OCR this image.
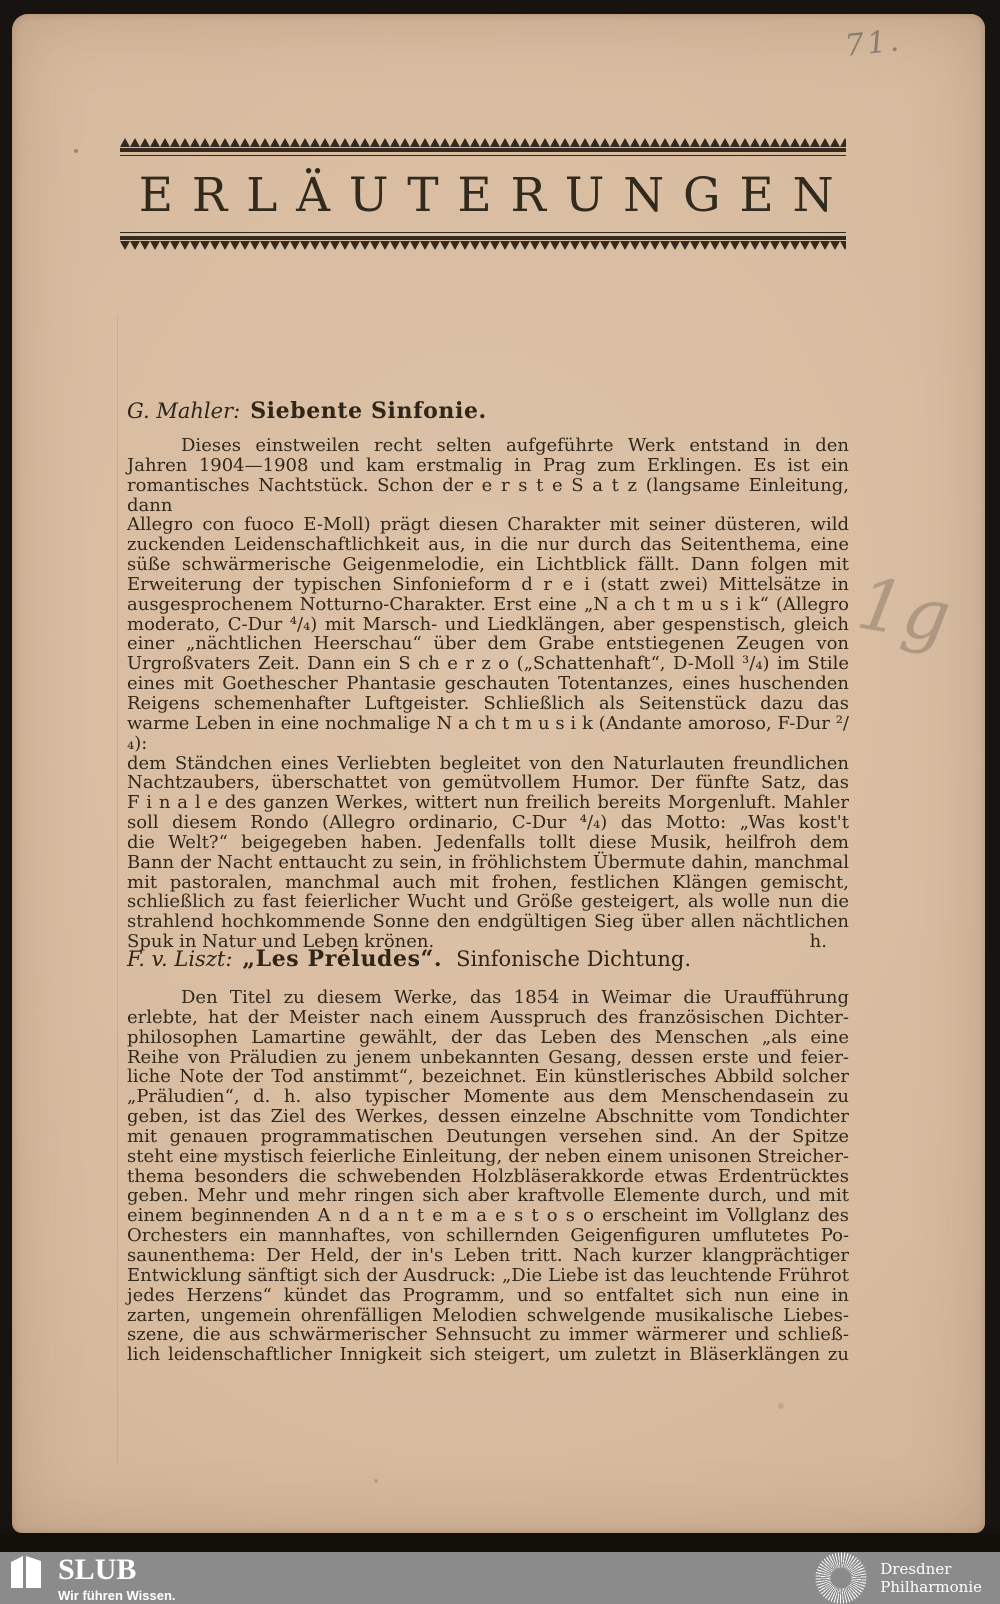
71.
1g
ERLÄUTERUNGEN
G. Mahler: Siebente Sinfonie.
Dieses einstweilen recht selten aufgeführte Werk entstand in den
Jahren 1904—1908 und kam erstmalig in Prag zum Erklingen. Es ist ein
romantisches Nachtstück. Schon der e r s t e S a t z (langsame Einleitung, dann
Allegro con fuoco E-Moll) prägt diesen Charakter mit seiner düsteren, wild
zuckenden Leidenschaftlichkeit aus, in die nur durch das Seitenthema, eine
süße schwärmerische Geigenmelodie, ein Lichtblick fällt. Dann folgen mit
Erweiterung der typischen Sinfonieform d r e i (statt zwei) Mittelsätze in
ausgesprochenem Notturno-Charakter. Erst eine „N a ch t m u s i k“ (Allegro
moderato, C-Dur ⁴/₄) mit Marsch- und Liedklängen, aber gespenstisch, gleich
einer „nächtlichen Heerschau“ über dem Grabe entstiegenen Zeugen von
Urgroßvaters Zeit. Dann ein S ch e r z o („Schattenhaft“, D-Moll ³/₄) im Stile
eines mit Goethescher Phantasie geschauten Totentanzes, eines huschenden
Reigens schemenhafter Luftgeister. Schließlich als Seitenstück dazu das
warme Leben in eine nochmalige N a ch t m u s i k (Andante amoroso, F-Dur ²/₄):
dem Ständchen eines Verliebten begleitet von den Naturlauten freundlichen
Nachtzaubers, überschattet von gemütvollem Humor. Der fünfte Satz, das
F i n a l e des ganzen Werkes, wittert nun freilich bereits Morgenluft. Mahler
soll diesem Rondo (Allegro ordinario, C-Dur ⁴/₄) das Motto: „Was kost't
die Welt?“ beigegeben haben. Jedenfalls tollt diese Musik, heilfroh dem
Bann der Nacht enttaucht zu sein, in fröhlichstem Übermute dahin, manchmal
mit pastoralen, manchmal auch mit frohen, festlichen Klängen gemischt,
schließlich zu fast feierlicher Wucht und Größe gesteigert, als wolle nun die
strahlend hochkommende Sonne den endgültigen Sieg über allen nächtlichen
Spuk in Natur und Leben krönen.	h.
F. v. Liszt: „Les Préludes“. Sinfonische Dichtung.
Den Titel zu diesem Werke, das 1854 in Weimar die Uraufführung
erlebte, hat der Meister nach einem Ausspruch des französischen Dichter-
philosophen Lamartine gewählt, der das Leben des Menschen „als eine
Reihe von Präludien zu jenem unbekannten Gesang, dessen erste und feier-
liche Note der Tod anstimmt“, bezeichnet. Ein künstlerisches Abbild solcher
„Präludien“, d. h. also typischer Momente aus dem Menschendasein zu
geben, ist das Ziel des Werkes, dessen einzelne Abschnitte vom Tondichter
mit genauen programmatischen Deutungen versehen sind. An der Spitze
steht eine mystisch feierliche Einleitung, der neben einem unisonen Streicher-
thema besonders die schwebenden Holzbläserakkorde etwas Erdentrücktes
geben. Mehr und mehr ringen sich aber kraftvolle Elemente durch, und mit
einem beginnenden A n d a n t e m a e s t o s o erscheint im Vollglanz des
Orchesters ein mannhaftes, von schillernden Geigenfiguren umflutetes Po-
saunenthema: Der Held, der in's Leben tritt. Nach kurzer klangprächtiger
Entwicklung sänftigt sich der Ausdruck: „Die Liebe ist das leuchtende Frührot
jedes Herzens“ kündet das Programm, und so entfaltet sich nun eine in
zarten, ungemein ohrenfälligen Melodien schwelgende musikalische Liebes-
szene, die aus schwärmerischer Sehnsucht zu immer wärmerer und schließ-
lich leidenschaftlicher Innigkeit sich steigert, um zuletzt in Bläserklängen zu
SLUB
Wir führen Wissen.
Dresdner
Philharmonie
